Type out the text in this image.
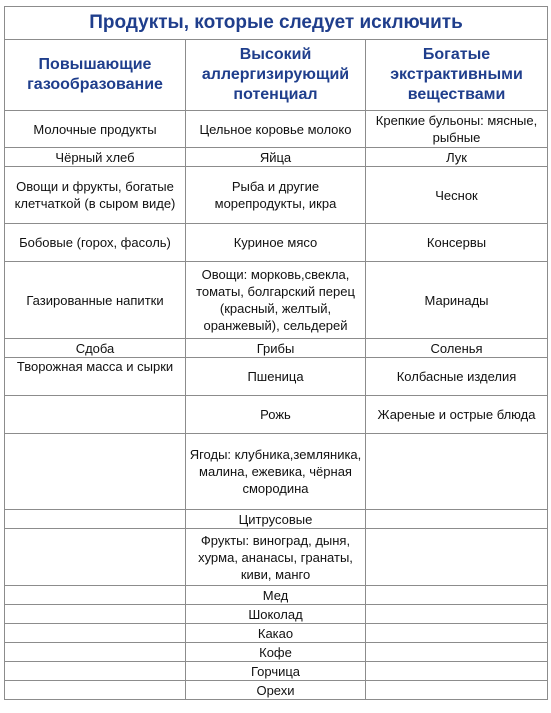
Продукты, которые следует исключить		
Повышающие газообразование	Высокий аллергизирующий потенциал	Богатые экстрактивными веществами
Молочные продукты	Цельное коровье молоко	Крепкие бульоны: мясные, рыбные
Чёрный хлеб	Яйца	Лук
Овощи и фрукты, богатые клетчаткой (в сыром виде)	Рыба и другие морепродукты, икра	Чеснок
Бобовые (горох, фасоль)	Куриное мясо	Консервы
Газированные напитки	Овощи: морковь,свекла, томаты, болгарский перец (красный, желтый, оранжевый), сельдерей	Маринады
Сдоба	Грибы	Соленья
Творожная масса и сырки	Пшеница	Колбасные изделия
	Рожь	Жареные и острые блюда
	Ягоды: клубника,земляника, малина, ежевика, чёрная смородина	
	Цитрусовые	
	Фрукты: виноград, дыня, хурма, ананасы, гранаты, киви, манго	
	Мед	
	Шоколад	
	Какао	
	Кофе	
	Горчица	
	Орехи	
